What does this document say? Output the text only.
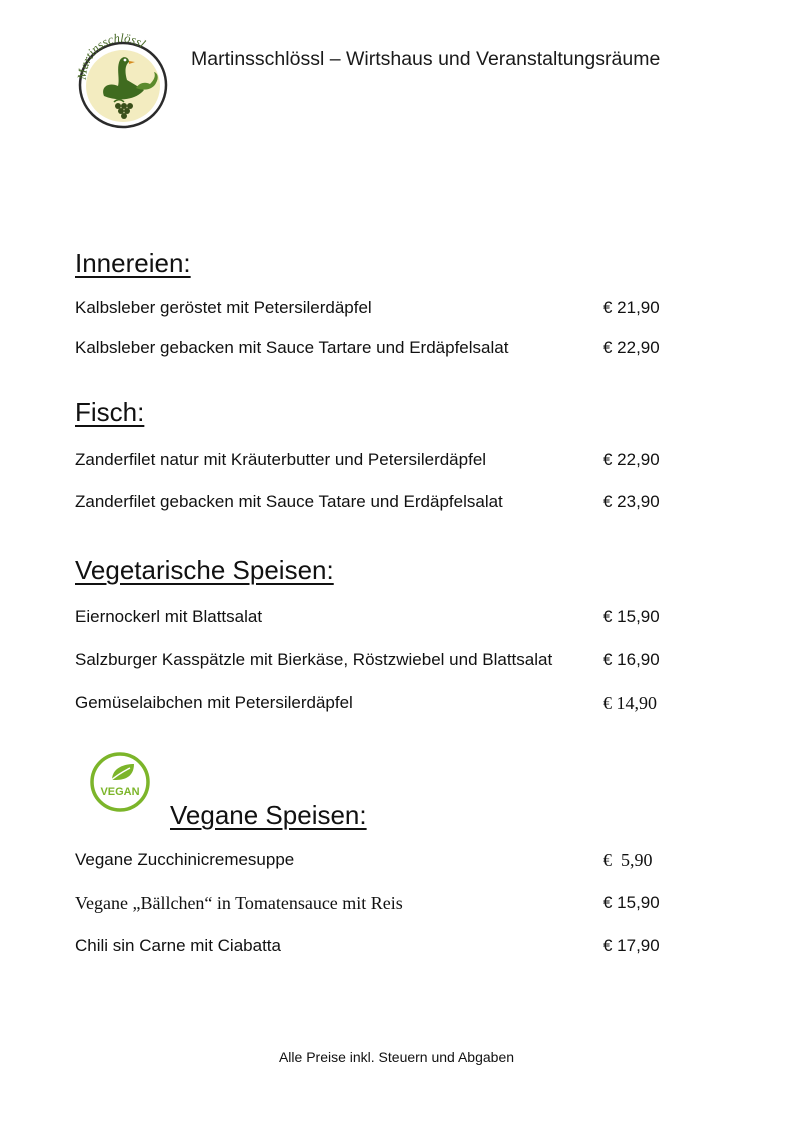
Martinsschlössl
Martinsschlössl – Wirtshaus und Veranstaltungsräume
Innereien:
Kalbsleber geröstet mit Petersilerdäpfel	€ 21,90
Kalbsleber gebacken mit Sauce Tartare und Erdäpfelsalat	€ 22,90
Fisch:
Zanderfilet natur mit Kräuterbutter und Petersilerdäpfel	€ 22,90
Zanderfilet gebacken mit Sauce Tatare und Erdäpfelsalat	€ 23,90
Vegetarische Speisen:
Eiernockerl mit Blattsalat	€ 15,90
Salzburger Kasspätzle mit Bierkäse, Röstzwiebel und Blattsalat	€ 16,90
Gemüselaibchen mit Petersilerdäpfel	€ 14,90
VEGAN
Vegane Speisen:
Vegane Zucchinicremesuppe	€  5,90
Vegane „Bällchen“ in Tomatensauce mit Reis	€ 15,90
Chili sin Carne mit Ciabatta	€ 17,90
Alle Preise inkl. Steuern und Abgaben
